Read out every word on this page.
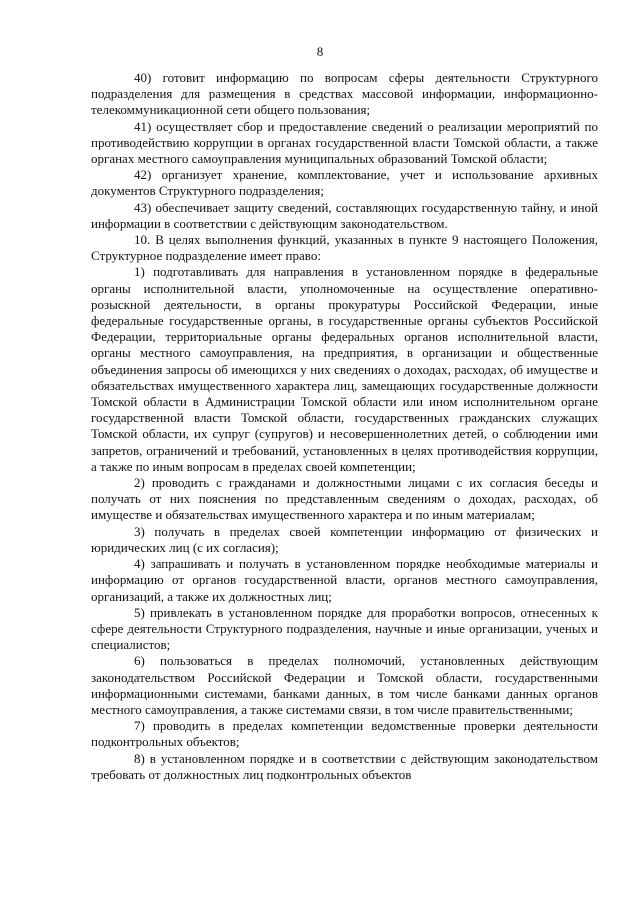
8

40) готовит информацию по вопросам сферы деятельности Структурного подразделения для размещения в средствах массовой информации, информационно-телекоммуникационной сети общего пользования;

41) осуществляет сбор и предоставление сведений о реализации мероприятий по противодействию коррупции в органах государственной власти Томской области, а также органах местного самоуправления муниципальных образований Томской области;

42) организует хранение, комплектование, учет и использование архивных документов Структурного подразделения;

43) обеспечивает защиту сведений, составляющих государственную тайну, и иной информации в соответствии с действующим законодательством.

10. В целях выполнения функций, указанных в пункте 9 настоящего Положения, Структурное подразделение имеет право:

1) подготавливать для направления в установленном порядке в федеральные органы исполнительной власти, уполномоченные на осуществление оперативно-розыскной деятельности, в органы прокуратуры Российской Федерации, иные федеральные государственные органы, в государственные органы субъектов Российской Федерации, территориальные органы федеральных органов исполнительной власти, органы местного самоуправления, на предприятия, в организации и общественные объединения запросы об имеющихся у них сведениях о доходах, расходах, об имуществе и обязательствах имущественного характера лиц, замещающих государственные должности Томской области в Администрации Томской области или ином исполнительном органе государственной власти Томской области, государственных гражданских служащих Томской области, их супруг (супругов) и несовершеннолетних детей, о соблюдении ими запретов, ограничений и требований, установленных в целях противодействия коррупции, а также по иным вопросам в пределах своей компетенции;

2) проводить с гражданами и должностными лицами с их согласия беседы и получать от них пояснения по представленным сведениям о доходах, расходах, об имуществе и обязательствах имущественного характера и по иным материалам;

3) получать в пределах своей компетенции информацию от физических и юридических лиц (с их согласия);

4) запрашивать и получать в установленном порядке необходимые материалы и информацию от органов государственной власти, органов местного самоуправления, организаций, а также их должностных лиц;

5) привлекать в установленном порядке для проработки вопросов, отнесенных к сфере деятельности Структурного подразделения, научные и иные организации, ученых и специалистов;

6) пользоваться в пределах полномочий, установленных действующим законодательством Российской Федерации и Томской области, государственными информационными системами, банками данных, в том числе банками данных органов местного самоуправления, а также системами связи, в том числе правительственными;

7) проводить в пределах компетенции ведомственные проверки деятельности подконтрольных объектов;

8) в установленном порядке и в соответствии с действующим законодательством требовать от должностных лиц подконтрольных объектов
